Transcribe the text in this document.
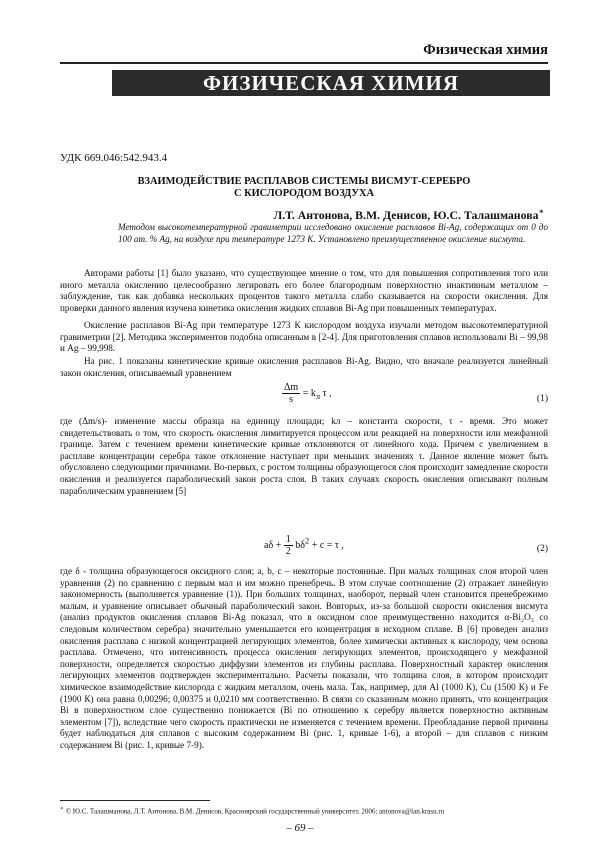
Физическая химия
ФИЗИЧЕСКАЯ ХИМИЯ
УДК 669.046:542.943.4
ВЗАИМОДЕЙСТВИЕ РАСПЛАВОВ СИСТЕМЫ ВИСМУТ-СЕРЕБРО
С КИСЛОРОДОМ ВОЗДУХА
Л.Т. Антонова, В.М. Денисов, Ю.С. Талашманова∗
Методом высокотемпературной гравиметрии исследовано окисление расплавов Bi-Ag, содержащих от 0 до 100 ат. % Ag, на воздухе при температуре 1273 К. Установлено преимущественное окисление висмута.
Авторами работы [1] было указано, что существующее мнение о том, что для повышения сопротивления того или иного металла окислению целесообразно легировать его более благородным поверхностно инактивным металлом – заблуждение, так как добавка нескольких процентов такого металла слабо сказывается на скорости окисления. Для проверки данного явления изучена кинетика окисления жидких сплавов Bi-Ag при повышенных температурах.
Окисление расплавов Bi-Ag при температуре 1273 К кислородом воздуха изучали методом высокотемпературной гравиметрии [2]. Методика экспериментов подобна описанным в [2-4]. Для приготовления сплавов использовали Bi – 99,98 и Ag – 99,998.
На рис. 1 показаны кинетические кривые окисления расплавов Bi-Ag. Видно, что вначале реализуется линейный закон окисления, описываемый уравнением
$\frac{\Delta m}{s} = k_л$ τ ,
(1)
где (Δm/s)- изменение массы образца на единицу площади; kл – константа скорости, τ - время. Это может свидетельствовать о том, что скорость окисления лимитируется процессом или реакцией на поверхности или межфазной границе. Затем с течением времени кинетические кривые отклоняются от линейного хода. Причем с увеличением в расплаве концентрации серебра такое отклонение наступает при меньших значениях τ. Данное явление может быть обусловлено следующими причинами. Во-первых, с ростом толщины образующегося слоя происходит замедление скорости окисления и реализуется параболический закон роста слоя. В таких случаях скорость окисления описывают полным параболическим уравнением [5]
$a\delta + \frac{1}{2} b\delta^2 + c = \tau$ ,	(2)
где δ - толщина образующегося оксидного слоя; a, b, c – некоторые постоянные. При малых толщинах слоя второй член уравнения (2) по сравнению с первым мал и им можно пренебречь. В этом случае соотношение (2) отражает линейную закономерность (выполняется уравнение (1)). При больших толщинах, наоборот, первый член становится пренебрежимо малым, и уравнение описывает обычный параболический закон. Вовторых, из-за большой скорости окисления висмута (анализ продуктов окисления сплавов Bi-Ag показал, что в оксидном слое преимущественно находится α-Bi₂O₃ со следовым количеством серебра) значительно уменьшается его концентрация в исходном сплаве. В [6] проведен анализ окисления расплава с низкой концентрацией легирующих элементов, более химически активных к кислороду, чем основа расплава. Отмечено, что интенсивность процесса окисления легирующих элементов, происходящего у межфазной поверхности, определяется скоростью диффузии элементов из глубины расплава. Поверхностный характер окисления легирующих элементов подтвержден экспериментально. Расчеты показали, что толщина слоя, в котором происходит химическое взаимодействие кислорода с жидким металлом, очень мала. Так, например, для Al (1000 К), Cu (1500 К) и Fe (1900 К) она равна 0,00296; 0,00375 и 0,0210 мм соответственно. В связи со сказанным можно принять, что концентрация Bi в поверхностном слое существенно понижается (Bi по отношению к серебру является поверхностно активным элементом [7]), вследствие чего скорость практически не изменяется с течением времени. Преобладание первой причины будет наблюдаться для сплавов с высоким содержанием Bi (рис. 1, кривые 1-6), а второй – для сплавов с низким содержанием Bi (рис. 1, кривые 7-9).
∗ © Ю.С. Талашманова, Л.Т. Антонова, В.М. Денисов, Красноярский государственный университет, 2006; antonova@lan.krasu.ru
– 69 –
